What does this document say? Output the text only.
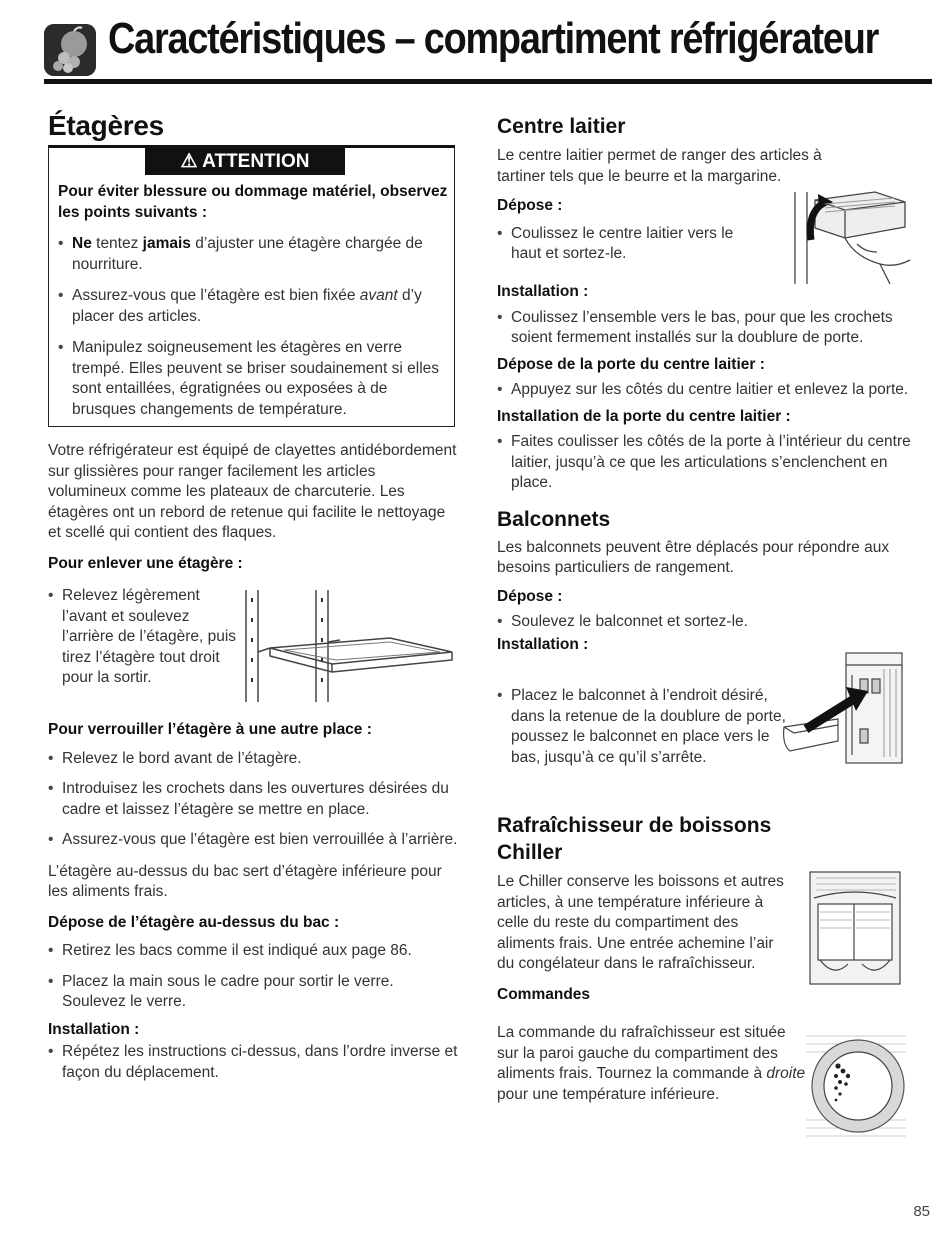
Caractéristiques – compartiment réfrigérateur
Étagères
⚠ ATTENTION

Pour éviter blessure ou dommage matériel, observez les points suivants :

• Ne tentez jamais d’ajuster une étagère chargée de nourriture.
• Assurez-vous que l’étagère est bien fixée avant d’y placer des articles.
• Manipulez soigneusement les étagères en verre trempé. Elles peuvent se briser soudainement si elles sont entaillées, égratignées ou exposées à de brusques changements de température.

Votre réfrigérateur est équipé de clayettes antidébordement sur glissières pour ranger facilement les articles volumineux comme les plateaux de charcuterie. Les étagères ont un rebord de retenue qui facilite le nettoyage et scellé qui contient des flaques.

Pour enlever une étagère :

• Relevez légèrement l’avant et soulevez l’arrière de l’étagère, puis tirez l’étagère tout droit pour la sortir.

Pour verrouiller l’étagère à une autre place :

• Relevez le bord avant de l’étagère.
• Introduisez les crochets dans les ouvertures désirées du cadre et laissez l’étagère se mettre en place.
• Assurez-vous que l’étagère est bien verrouillée à l’arrière.

L’étagère au-dessus du bac sert d’étagère inférieure pour les aliments frais.

Dépose de l’étagère au-dessus du bac :

• Retirez les bacs comme il est indiqué aux page 86.
• Placez la main sous le cadre pour sortir le verre. Soulevez le verre.

Installation :

• Répétez les instructions ci-dessus, dans l’ordre inverse et façon du déplacement.
Centre laitier

Le centre laitier permet de ranger des articles à tartiner tels que le beurre et la margarine.

Dépose :

• Coulissez le centre laitier vers le haut et sortez-le.

Installation :

• Coulissez l’ensemble vers le bas, pour que les crochets soient fermement installés sur la doublure de porte.

Dépose de la porte du centre laitier :

• Appuyez sur les côtés du centre laitier et enlevez la porte.

Installation de la porte du centre laitier :

• Faites coulisser les côtés de la porte à l’intérieur du centre laitier, jusqu’à ce que les articulations s’enclenchent en place.
Balconnets

Les balconnets peuvent être déplacés pour répondre aux besoins particuliers de rangement.

Dépose :

• Soulevez le balconnet et sortez-le.

Installation :

• Placez le balconnet à l’endroit désiré, dans la retenue de la doublure de porte, poussez le balconnet en place vers le bas, jusqu’à ce qu’il s’arrête.
Rafraîchisseur de boissons
Chiller

Le Chiller conserve les boissons et autres articles, à une température inférieure à celle du reste du compartiment des aliments frais. Une entrée achemine l’air du congélateur dans le rafraîchisseur.

Commandes

La commande du rafraîchisseur est située sur la paroi gauche du compartiment des aliments frais. Tournez la commande à droite pour une température inférieure.

85
